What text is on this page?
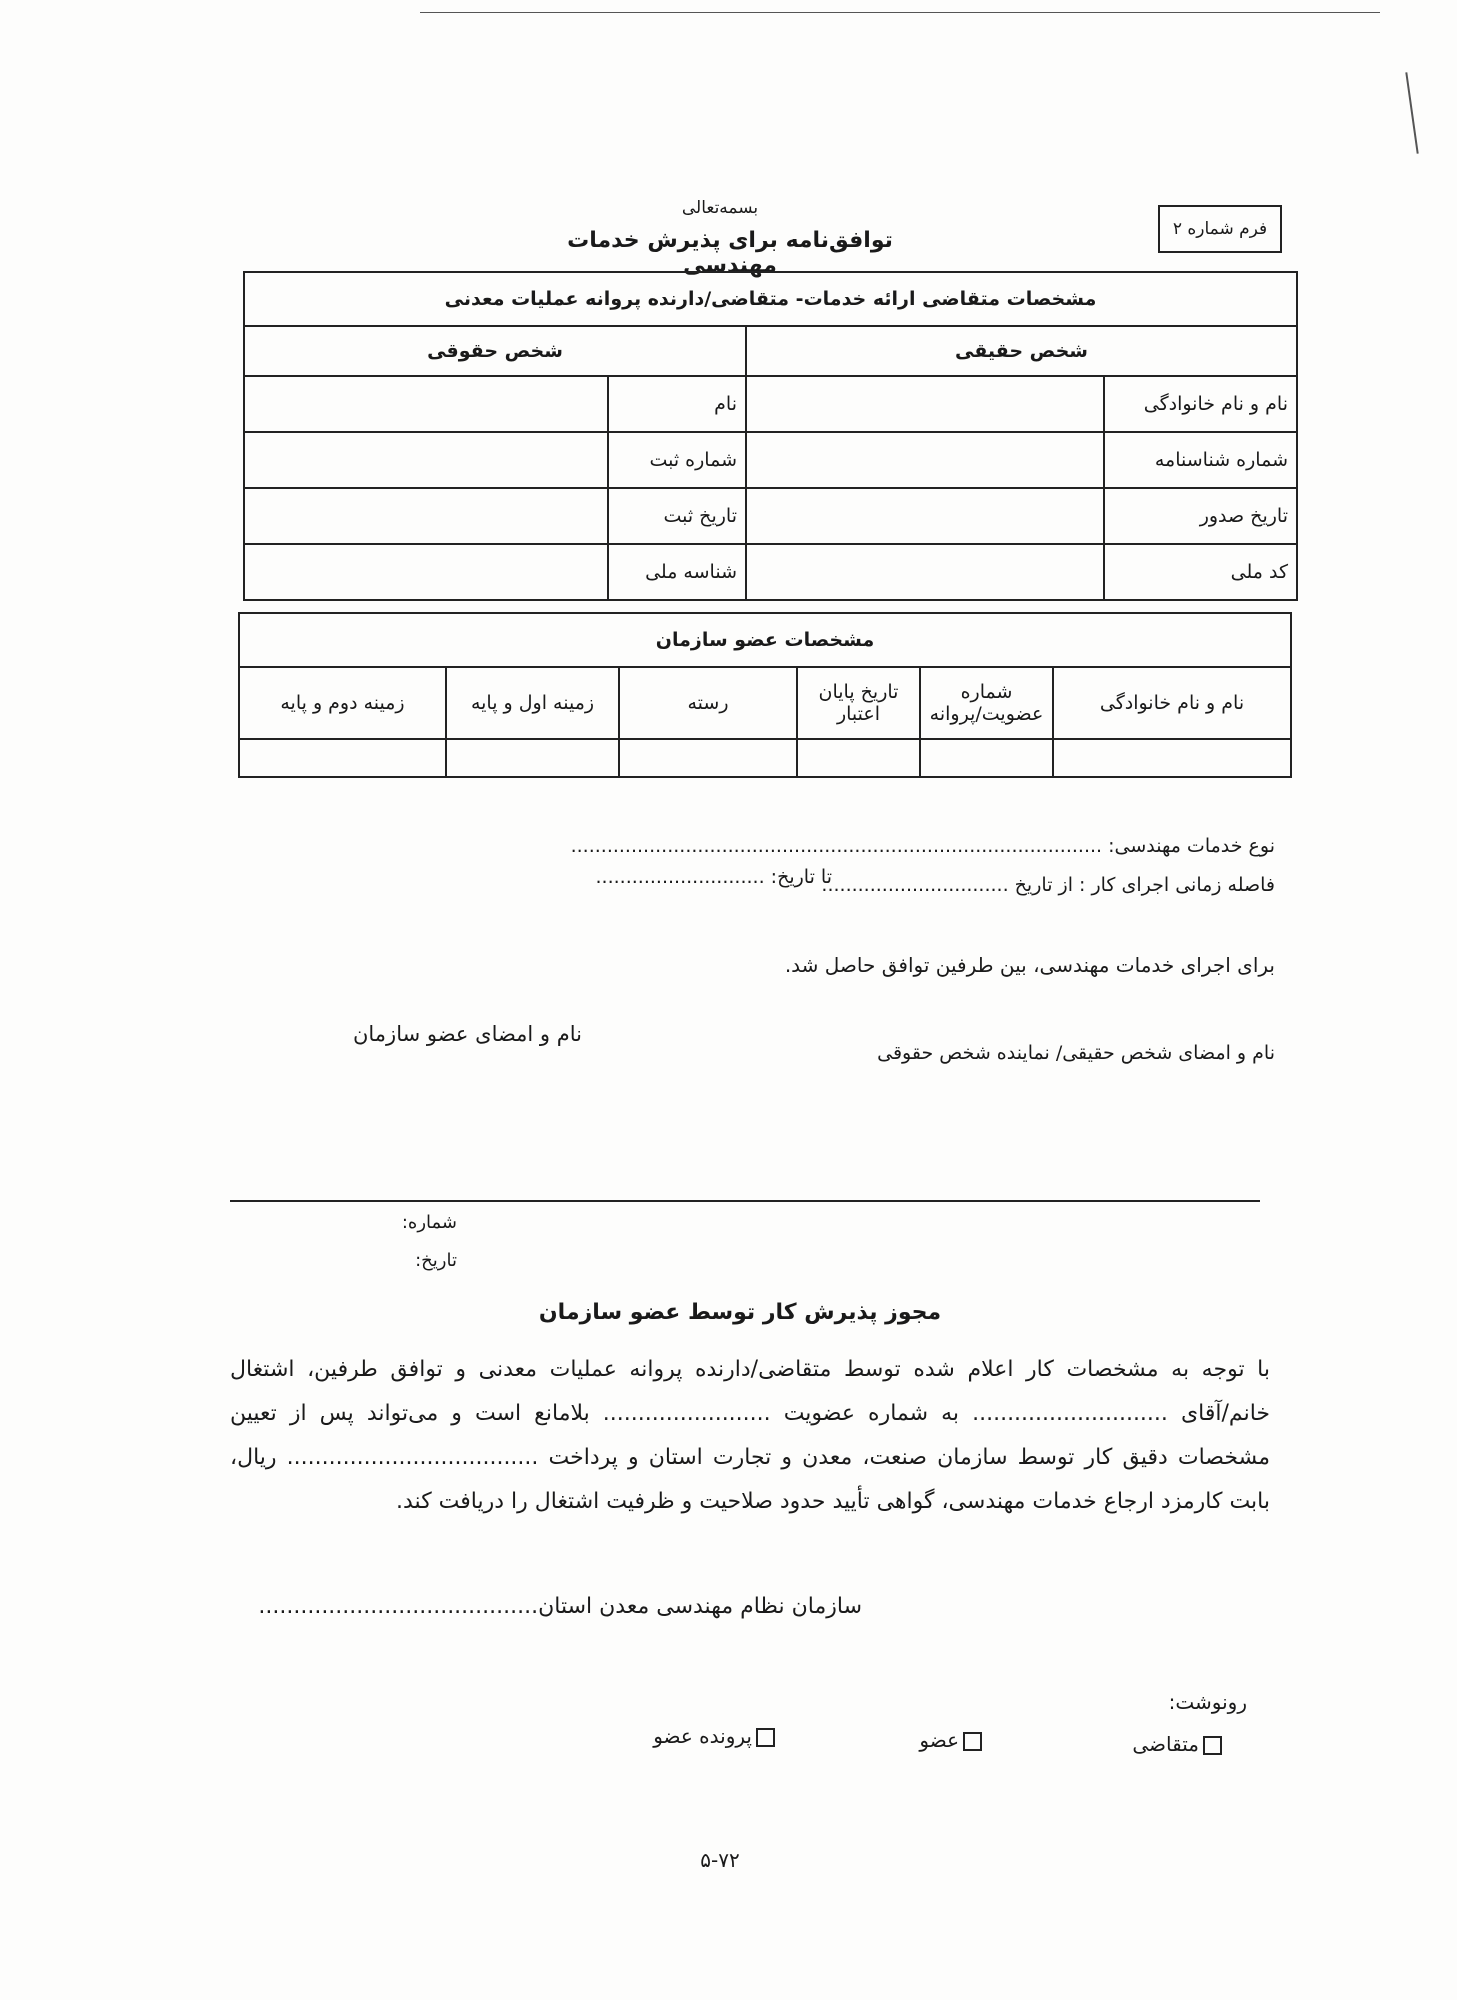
بسمه‌تعالی
توافق‌نامه برای پذیرش خدمات مهندسی
فرم شماره ۲
مشخصات متقاضی ارائه خدمات- متقاضی/دارنده پروانه عملیات معدنی			
شخص حقیقی		شخص حقوقی	
نام و نام خانوادگی		نام	
شماره شناسنامه		شماره ثبت	
تاریخ صدور		تاریخ ثبت	
کد ملی		شناسه ملی	
مشخصات عضو سازمان					
نام و نام خانوادگی	شماره عضویت/پروانه	تاریخ پایان اعتبار	رسته	زمینه اول و پایه	زمینه دوم و پایه

نوع خدمات مهندسی: ........................................................................................
فاصله زمانی اجرای کار : از تاریخ ...............................
تا تاریخ: ............................
برای اجرای خدمات مهندسی، بین طرفین توافق حاصل شد.
نام و امضای شخص حقیقی/ نماینده شخص حقوقی
نام و امضای عضو سازمان
شماره:
تاریخ:
مجوز پذیرش کار توسط عضو سازمان
با توجه به مشخصات کار اعلام شده توسط متقاضی/دارنده پروانه عملیات معدنی و توافق طرفین، اشتغال
خانم/آقای ............................ به شماره عضویت ........................ بلامانع است و می‌تواند پس از تعیین
مشخصات دقیق کار توسط سازمان صنعت، معدن و تجارت استان و پرداخت .................................... ریال،
بابت کارمزد ارجاع خدمات مهندسی، گواهی تأیید حدود صلاحیت و ظرفیت اشتغال را دریافت کند.
سازمان نظام مهندسی معدن استان........................................
رونوشت:
متقاضی
عضو
پرونده عضو
۵-۷۲
